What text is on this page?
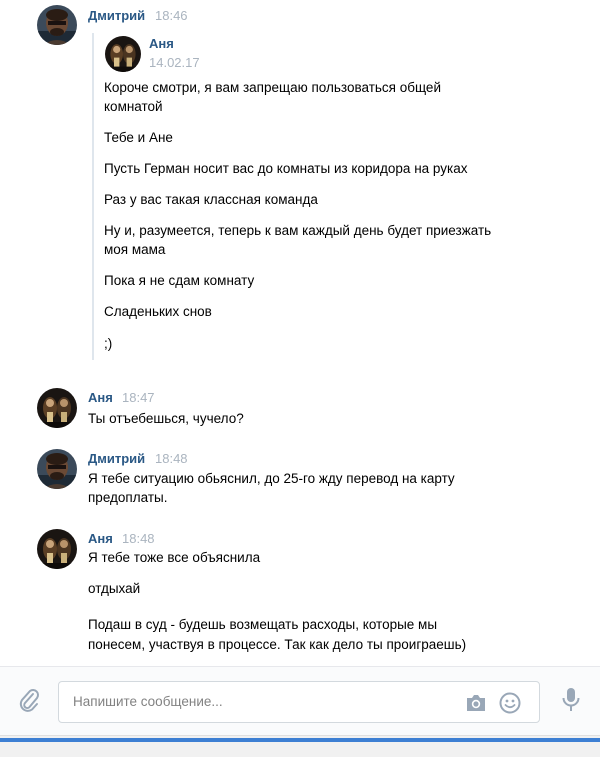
Дмитрий 18:46
Аня
14.02.17
Короче смотри, я вам запрещаю пользоваться общей
комнатой
Тебе и Ане
Пусть Герман носит вас до комнаты из коридора на руках
Раз у вас такая классная команда
Ну и, разумеется, теперь к вам каждый день будет приезжать
моя мама
Пока я не сдам комнату
Сладеньких снов
;)
Аня 18:47
Ты отъебешься, чучело?
Дмитрий 18:48
Я тебе ситуацию обьяснил, до 25-го жду перевод на карту
предоплаты.
Аня 18:48
Я тебе тоже все объяснила
отдыхай
Подаш в суд - будешь возмещать расходы, которые мы
понесем, участвуя в процессе. Так как дело ты проиграешь)
Напишите сообщение...
